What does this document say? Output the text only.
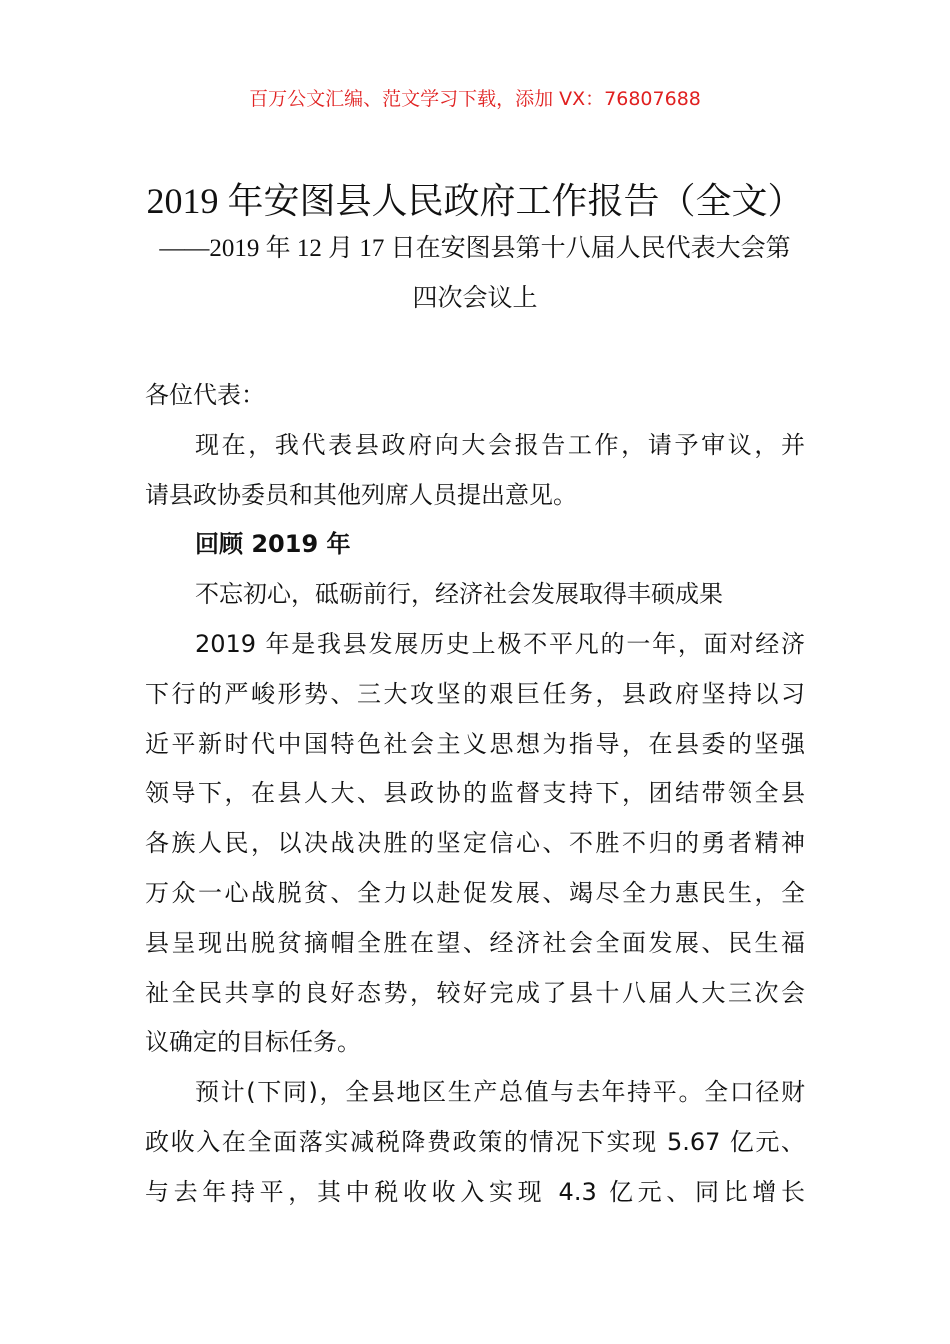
百万公文汇编、范文学习下载，添加 VX：76807688
2019 年安图县人民政府工作报告（全文）
——2019 年 12 月 17 日在安图县第十八届人民代表大会第
四次会议上
各位代表：
现在，我代表县政府向大会报告工作，请予审议，并
请县政协委员和其他列席人员提出意见。
回顾 2019 年
不忘初心，砥砺前行，经济社会发展取得丰硕成果
2019 年是我县发展历史上极不平凡的一年，面对经济
下行的严峻形势、三大攻坚的艰巨任务，县政府坚持以习
近平新时代中国特色社会主义思想为指导，在县委的坚强
领导下，在县人大、县政协的监督支持下，团结带领全县
各族人民，以决战决胜的坚定信心、不胜不归的勇者精神
万众一心战脱贫、全力以赴促发展、竭尽全力惠民生，全
县呈现出脱贫摘帽全胜在望、经济社会全面发展、民生福
祉全民共享的良好态势，较好完成了县十八届人大三次会
议确定的目标任务。
预计(下同)，全县地区生产总值与去年持平。全口径财
政收入在全面落实减税降费政策的情况下实现 5.67 亿元、
与去年持平，其中税收收入实现 4.3 亿元、同比增长
